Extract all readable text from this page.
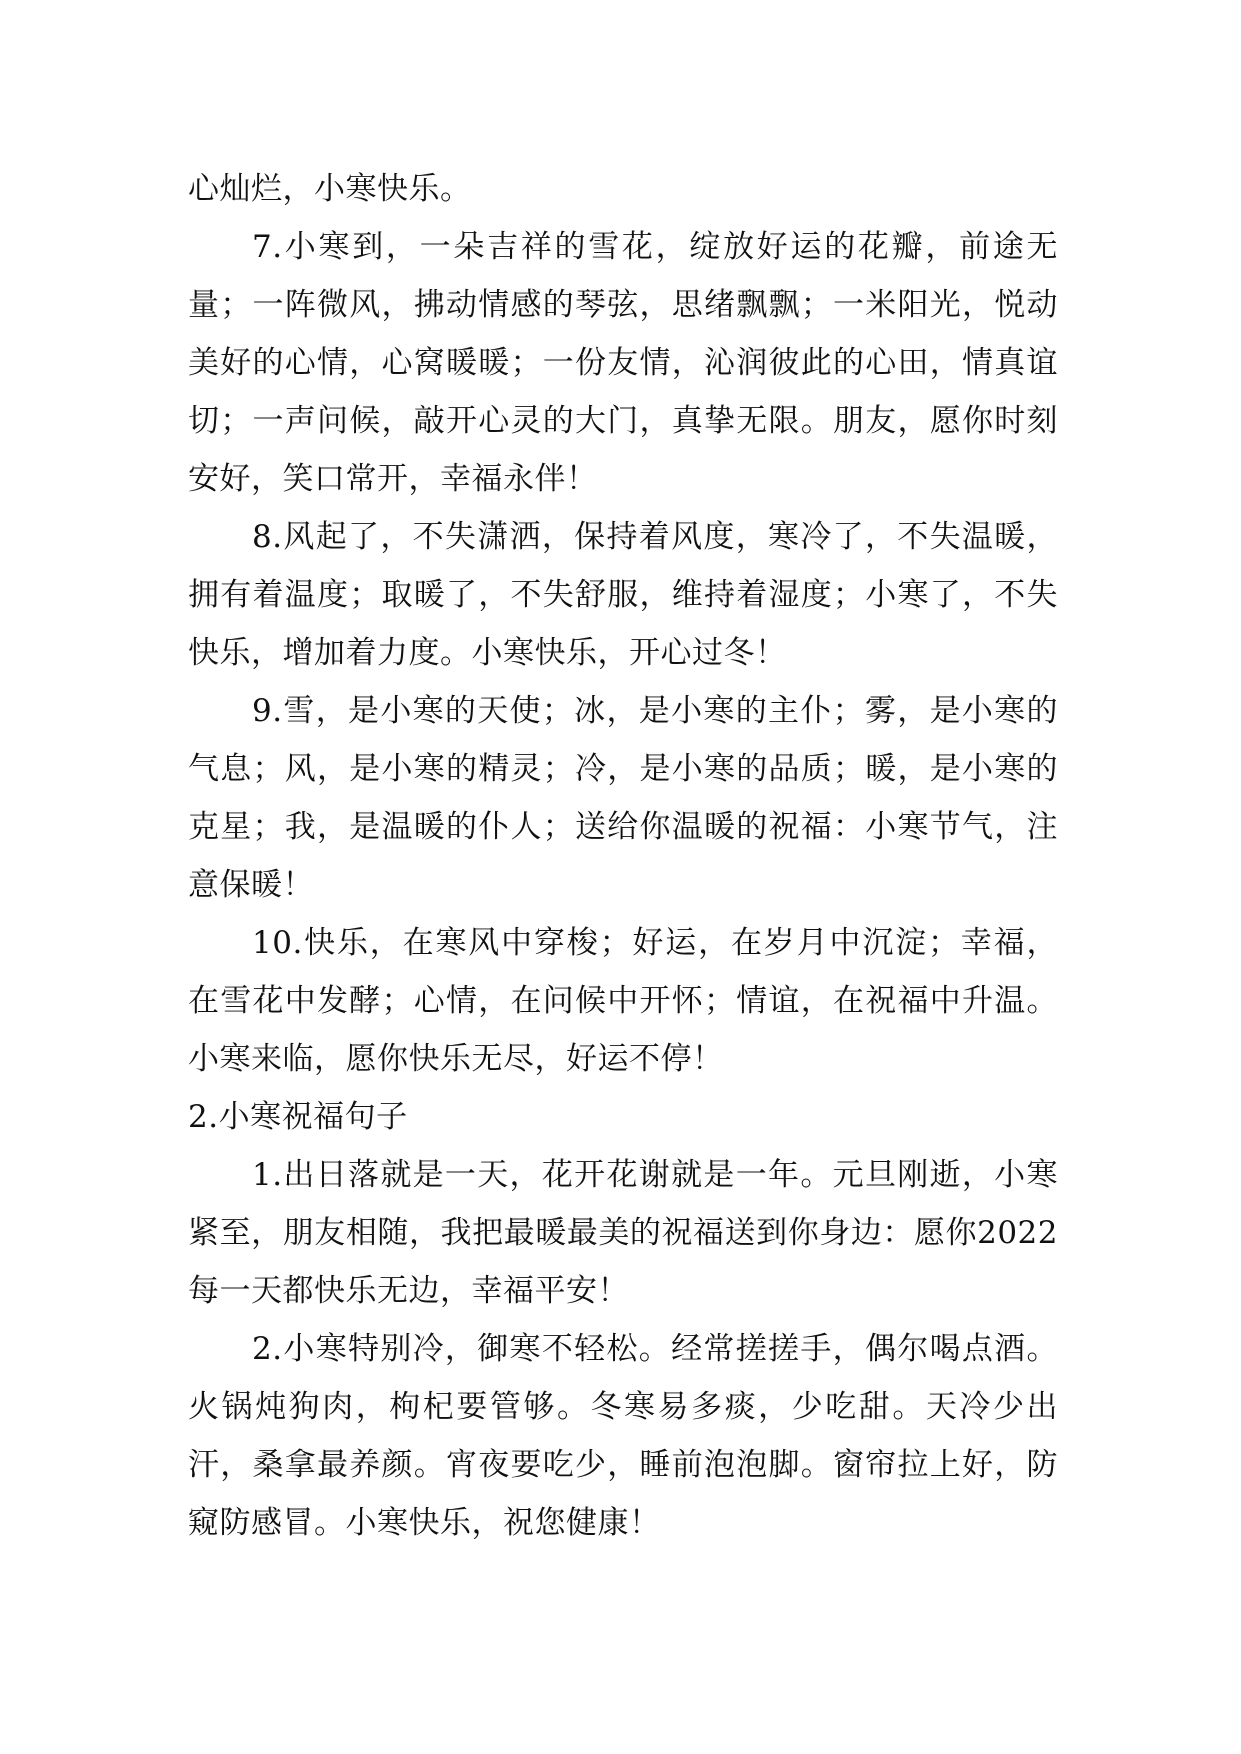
心灿烂，小寒快乐。

7.小寒到，一朵吉祥的雪花，绽放好运的花瓣，前途无量；一阵微风，拂动情感的琴弦，思绪飘飘；一米阳光，悦动美好的心情，心窝暖暖；一份友情，沁润彼此的心田，情真谊切；一声问候，敲开心灵的大门，真挚无限。朋友，愿你时刻安好，笑口常开，幸福永伴！

8.风起了，不失潇洒，保持着风度，寒冷了，不失温暖，拥有着温度；取暖了，不失舒服，维持着湿度；小寒了，不失快乐，增加着力度。小寒快乐，开心过冬！

9.雪，是小寒的天使；冰，是小寒的主仆；雾，是小寒的气息；风，是小寒的精灵；冷，是小寒的品质；暖，是小寒的克星；我，是温暖的仆人；送给你温暖的祝福：小寒节气，注意保暖！

10.快乐，在寒风中穿梭；好运，在岁月中沉淀；幸福，在雪花中发酵；心情，在问候中开怀；情谊，在祝福中升温。小寒来临，愿你快乐无尽，好运不停！

2.小寒祝福句子

1.出日落就是一天，花开花谢就是一年。元旦刚逝，小寒紧至，朋友相随，我把最暖最美的祝福送到你身边：愿你2022每一天都快乐无边，幸福平安！

2.小寒特别冷，御寒不轻松。经常搓搓手，偶尔喝点酒。火锅炖狗肉，枸杞要管够。冬寒易多痰，少吃甜。天冷少出汗，桑拿最养颜。宵夜要吃少，睡前泡泡脚。窗帘拉上好，防窥防感冒。小寒快乐，祝您健康！
